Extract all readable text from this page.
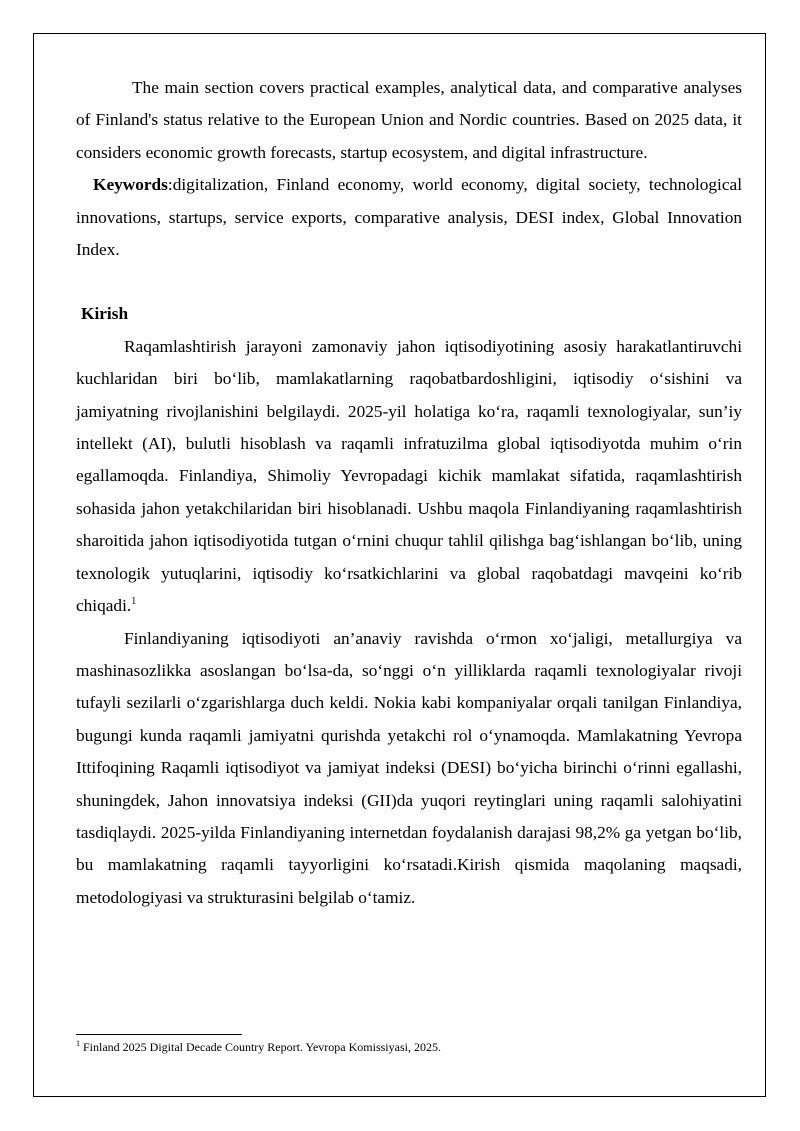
The main section covers practical examples, analytical data, and comparative analyses of Finland's status relative to the European Union and Nordic countries. Based on 2025 data, it considers economic growth forecasts, startup ecosystem, and digital infrastructure.

Keywords:digitalization, Finland economy, world economy, digital society, technological innovations, startups, service exports, comparative analysis, DESI index, Global Innovation Index.

Kirish

Raqamlashtirish jarayoni zamonaviy jahon iqtisodiyotining asosiy harakatlantiruvchi kuchlaridan biri bo‘lib, mamlakatlarning raqobatbardoshligini, iqtisodiy o‘sishini va jamiyatning rivojlanishini belgilaydi. 2025-yil holatiga ko‘ra, raqamli texnologiyalar, sun’iy intellekt (AI), bulutli hisoblash va raqamli infratuzilma global iqtisodiyotda muhim o‘rin egallamoqda. Finlandiya, Shimoliy Yevropadagi kichik mamlakat sifatida, raqamlashtirish sohasida jahon yetakchilaridan biri hisoblanadi. Ushbu maqola Finlandiyaning raqamlashtirish sharoitida jahon iqtisodiyotida tutgan o‘rnini chuqur tahlil qilishga bag‘ishlangan bo‘lib, uning texnologik yutuqlarini, iqtisodiy ko‘rsatkichlarini va global raqobatdagi mavqeini ko‘rib chiqadi.$^1$

Finlandiyaning iqtisodiyoti an’anaviy ravishda o‘rmon xo‘jaligi, metallurgiya va mashinasozlikka asoslangan bo‘lsa-da, so‘nggi o‘n yilliklarda raqamli texnologiyalar rivoji tufayli sezilarli o‘zgarishlarga duch keldi. Nokia kabi kompaniyalar orqali tanilgan Finlandiya, bugungi kunda raqamli jamiyatni qurishda yetakchi rol o‘ynamoqda. Mamlakatning Yevropa Ittifoqining Raqamli iqtisodiyot va jamiyat indeksi (DESI) bo‘yicha birinchi o‘rinni egallashi, shuningdek, Jahon innovatsiya indeksi (GII)da yuqori reytinglari uning raqamli salohiyatini tasdiqlaydi. 2025-yilda Finlandiyaning internetdan foydalanish darajasi 98,2% ga yetgan bo‘lib, bu mamlakatning raqamli tayyorligini ko‘rsatadi.Kirish qismida maqolaning maqsadi, metodologiyasi va strukturasini belgilab o‘tamiz.

$^1$ Finland 2025 Digital Decade Country Report. Yevropa Komissiyasi, 2025.
